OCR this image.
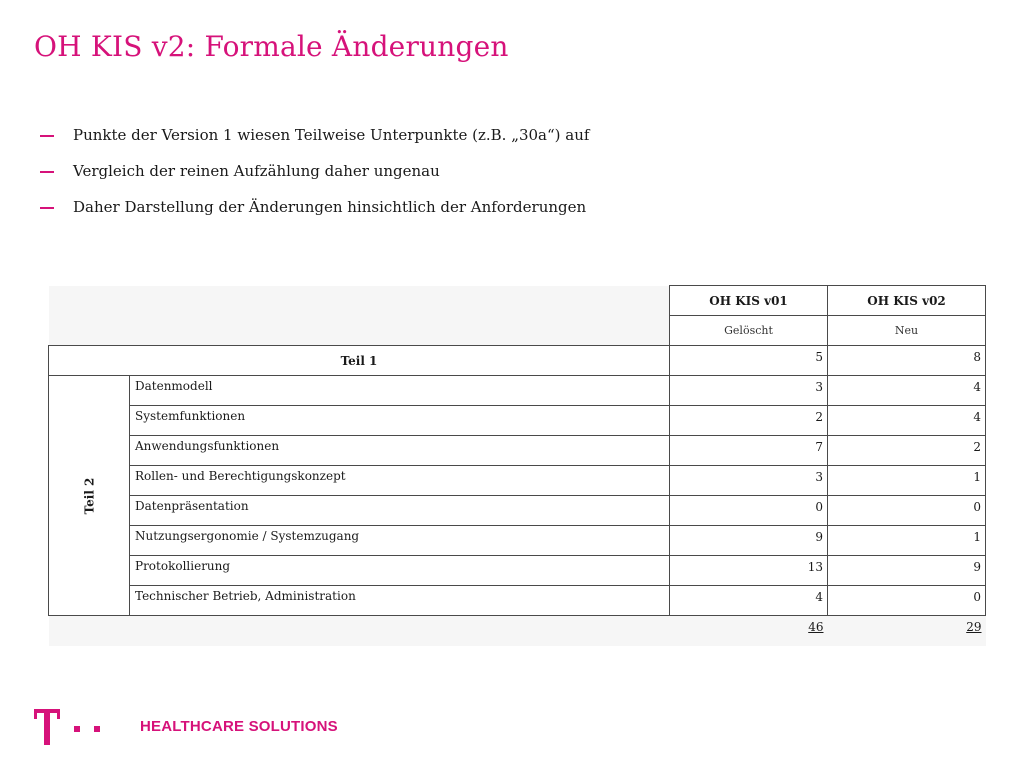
OH KIS v2: Formale Änderungen
Punkte der Version 1 wiesen Teilweise Unterpunkte (z.B. „30a“) auf
Vergleich der reinen Aufzählung daher ungenau
Daher Darstellung der Änderungen hinsichtlich der Anforderungen
		OH KIS v01	OH KIS v02
		Gelöscht	Neu
Teil 1		5	8
Teil 2	Datenmodell	3	4
	Systemfunktionen	2	4
	Anwendungsfunktionen	7	2
	Rollen- und Berechtigungskonzept	3	1
	Datenpräsentation	0	0
	Nutzungsergonomie / Systemzugang	9	1
	Protokollierung	13	9
	Technischer Betrieb, Administration	4	0
		46	29
HEALTHCARE SOLUTIONS
